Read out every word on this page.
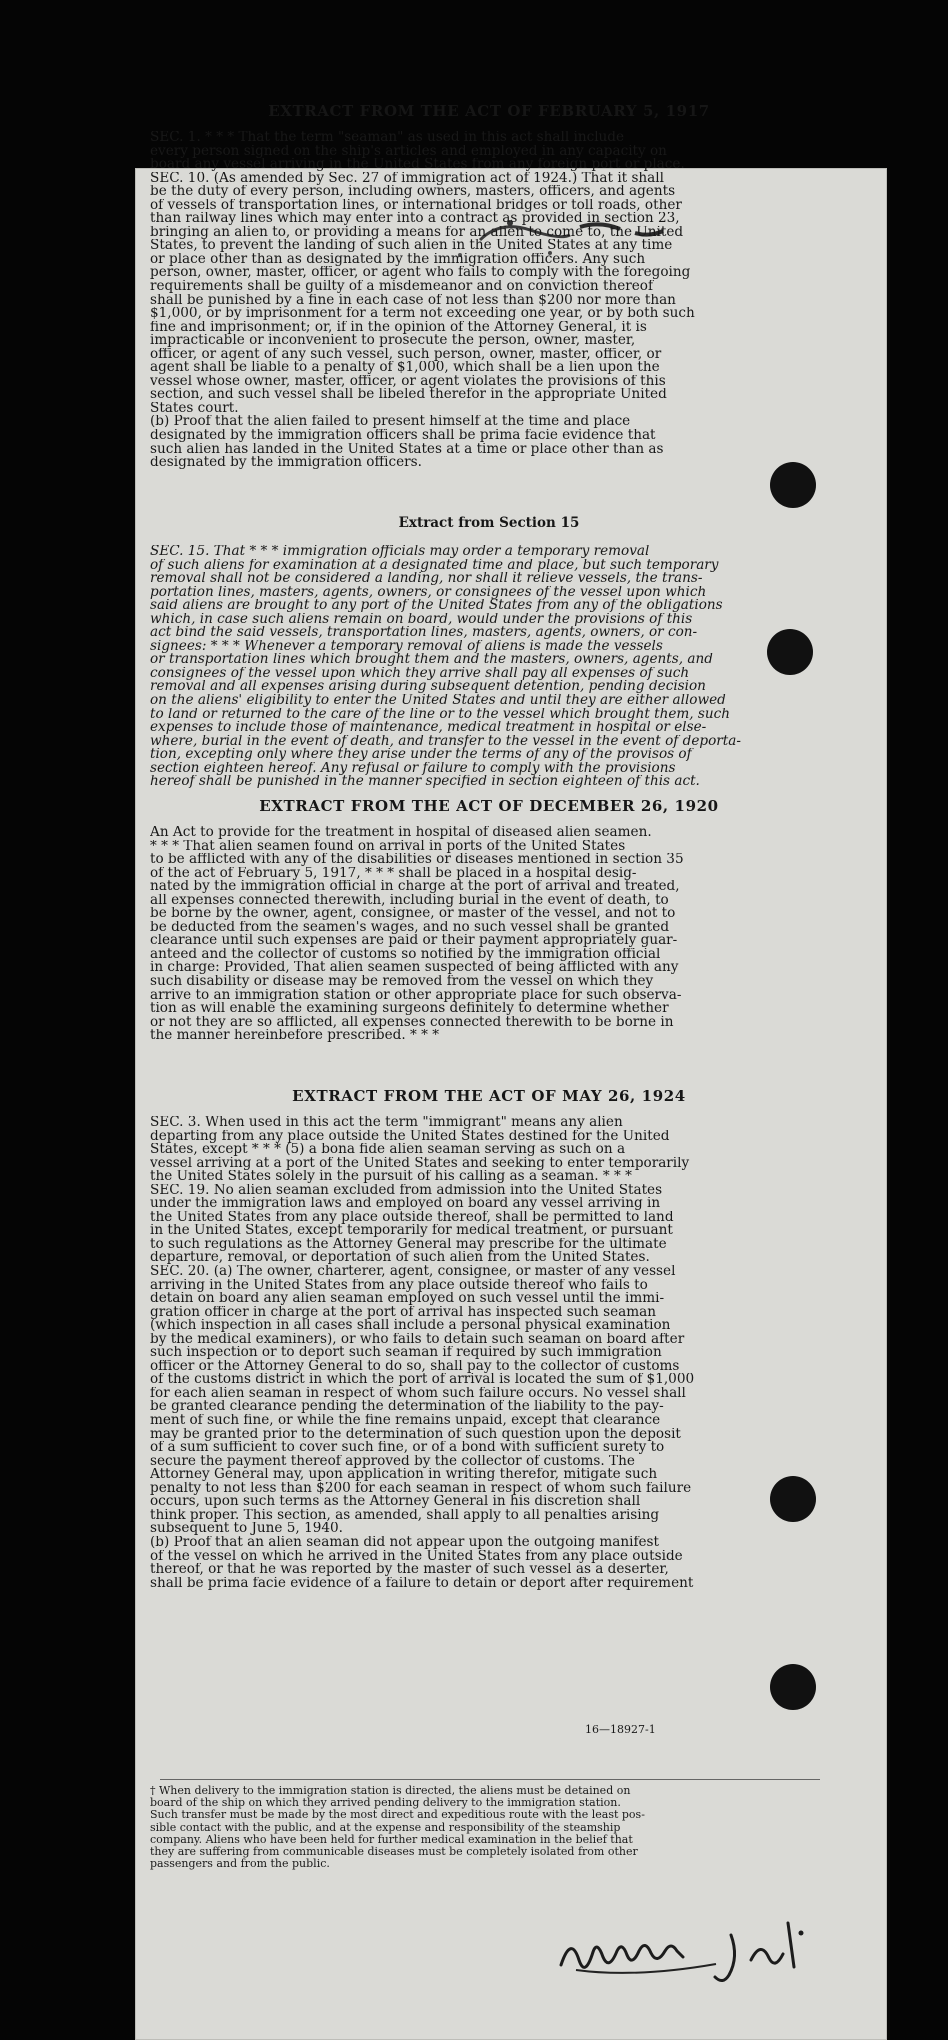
EXTRACT FROM THE ACT OF FEBRUARY 5, 1917
SEC. 1. * * * That the term "seaman" as used in this act shall include
every person signed on the ship's articles and employed in any capacity on
board any vessel arriving in the United States from any foreign port or place.
SEC. 10. (As amended by Sec. 27 of immigration act of 1924.) That it shall
be the duty of every person, including owners, masters, officers, and agents
of vessels of transportation lines, or international bridges or toll roads, other
than railway lines which may enter into a contract as provided in section 23,
bringing an alien to, or providing a means for an alien to come to, the United
States, to prevent the landing of such alien in the United States at any time
or place other than as designated by the immigration officers. Any such
person, owner, master, officer, or agent who fails to comply with the foregoing
requirements shall be guilty of a misdemeanor and on conviction thereof
shall be punished by a fine in each case of not less than $200 nor more than
$1,000, or by imprisonment for a term not exceeding one year, or by both such
fine and imprisonment; or, if in the opinion of the Attorney General, it is
impracticable or inconvenient to prosecute the person, owner, master,
officer, or agent of any such vessel, such person, owner, master, officer, or
agent shall be liable to a penalty of $1,000, which shall be a lien upon the
vessel whose owner, master, officer, or agent violates the provisions of this
section, and such vessel shall be libeled therefor in the appropriate United
States court.
(b) Proof that the alien failed to present himself at the time and place
designated by the immigration officers shall be prima facie evidence that
such alien has landed in the United States at a time or place other than as
designated by the immigration officers.
Extract from Section 15
SEC. 15. That * * * immigration officials may order a temporary removal
of such aliens for examination at a designated time and place, but such temporary
removal shall not be considered a landing, nor shall it relieve vessels, the trans-
portation lines, masters, agents, owners, or consignees of the vessel upon which
said aliens are brought to any port of the United States from any of the obligations
which, in case such aliens remain on board, would under the provisions of this
act bind the said vessels, transportation lines, masters, agents, owners, or con-
signees: * * * Whenever a temporary removal of aliens is made the vessels
or transportation lines which brought them and the masters, owners, agents, and
consignees of the vessel upon which they arrive shall pay all expenses of such
removal and all expenses arising during subsequent detention, pending decision
on the aliens' eligibility to enter the United States and until they are either allowed
to land or returned to the care of the line or to the vessel which brought them, such
expenses to include those of maintenance, medical treatment in hospital or else-
where, burial in the event of death, and transfer to the vessel in the event of deporta-
tion, excepting only where they arise under the terms of any of the provisos of
section eighteen hereof. Any refusal or failure to comply with the provisions
hereof shall be punished in the manner specified in section eighteen of this act.
EXTRACT FROM THE ACT OF DECEMBER 26, 1920
An Act to provide for the treatment in hospital of diseased alien seamen.
* * * That alien seamen found on arrival in ports of the United States
to be afflicted with any of the disabilities or diseases mentioned in section 35
of the act of February 5, 1917, * * * shall be placed in a hospital desig-
nated by the immigration official in charge at the port of arrival and treated,
all expenses connected therewith, including burial in the event of death, to
be borne by the owner, agent, consignee, or master of the vessel, and not to
be deducted from the seamen's wages, and no such vessel shall be granted
clearance until such expenses are paid or their payment appropriately guar-
anteed and the collector of customs so notified by the immigration official
in charge: Provided, That alien seamen suspected of being afflicted with any
such disability or disease may be removed from the vessel on which they
arrive to an immigration station or other appropriate place for such observa-
tion as will enable the examining surgeons definitely to determine whether
or not they are so afflicted, all expenses connected therewith to be borne in
the manner hereinbefore prescribed. * * *
EXTRACT FROM THE ACT OF MAY 26, 1924
SEC. 3. When used in this act the term "immigrant" means any alien
departing from any place outside the United States destined for the United
States, except * * * (5) a bona fide alien seaman serving as such on a
vessel arriving at a port of the United States and seeking to enter temporarily
the United States solely in the pursuit of his calling as a seaman. * * *
SEC. 19. No alien seaman excluded from admission into the United States
under the immigration laws and employed on board any vessel arriving in
the United States from any place outside thereof, shall be permitted to land
in the United States, except temporarily for medical treatment, or pursuant
to such regulations as the Attorney General may prescribe for the ultimate
departure, removal, or deportation of such alien from the United States.
SEC. 20. (a) The owner, charterer, agent, consignee, or master of any vessel
arriving in the United States from any place outside thereof who fails to
detain on board any alien seaman employed on such vessel until the immi-
gration officer in charge at the port of arrival has inspected such seaman
(which inspection in all cases shall include a personal physical examination
by the medical examiners), or who fails to detain such seaman on board after
such inspection or to deport such seaman if required by such immigration
officer or the Attorney General to do so, shall pay to the collector of customs
of the customs district in which the port of arrival is located the sum of $1,000
for each alien seaman in respect of whom such failure occurs. No vessel shall
be granted clearance pending the determination of the liability to the pay-
ment of such fine, or while the fine remains unpaid, except that clearance
may be granted prior to the determination of such question upon the deposit
of a sum sufficient to cover such fine, or of a bond with sufficient surety to
secure the payment thereof approved by the collector of customs. The
Attorney General may, upon application in writing therefor, mitigate such
penalty to not less than $200 for each seaman in respect of whom such failure
occurs, upon such terms as the Attorney General in his discretion shall
think proper. This section, as amended, shall apply to all penalties arising
subsequent to June 5, 1940.
(b) Proof that an alien seaman did not appear upon the outgoing manifest
of the vessel on which he arrived in the United States from any place outside
thereof, or that he was reported by the master of such vessel as a deserter,
shall be prima facie evidence of a failure to detain or deport after requirement
† When delivery to the immigration station is directed, the aliens must be detained on
board of the ship on which they arrived pending delivery to the immigration station.
Such transfer must be made by the most direct and expeditious route with the least pos-
sible contact with the public, and at the expense and responsibility of the steamship
company. Aliens who have been held for further medical examination in the belief that
they are suffering from communicable diseases must be completely isolated from other
passengers and from the public.
16—18927-1
